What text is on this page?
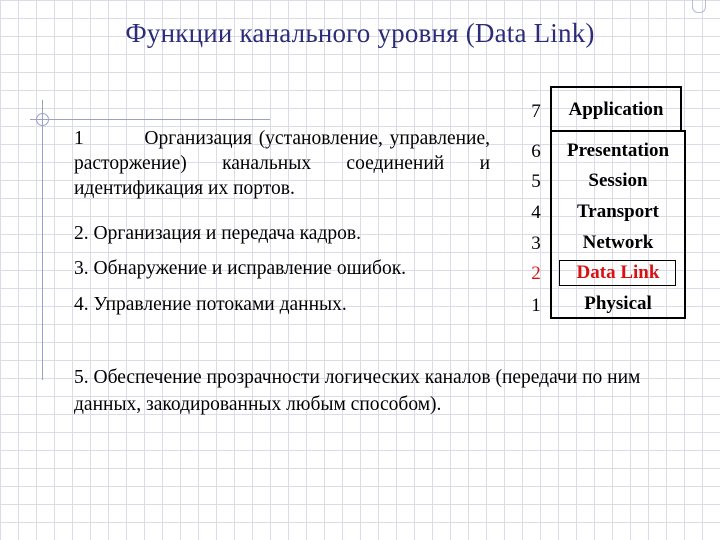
Функции канального уровня (Data Link)
1         Организация (установление, управление, расторжение) канальных соединений и идентификация их портов.
2. Организация и передача кадров.
3. Обнаружение и исправление ошибок.
4. Управление потоками данных.
5. Обеспечение прозрачности логических каналов (передачи по ним данных, закодированных любым способом).
7
6
5
4
3
2
1
Application
Presentation
Session
Transport
Network
Data Link
Physical
